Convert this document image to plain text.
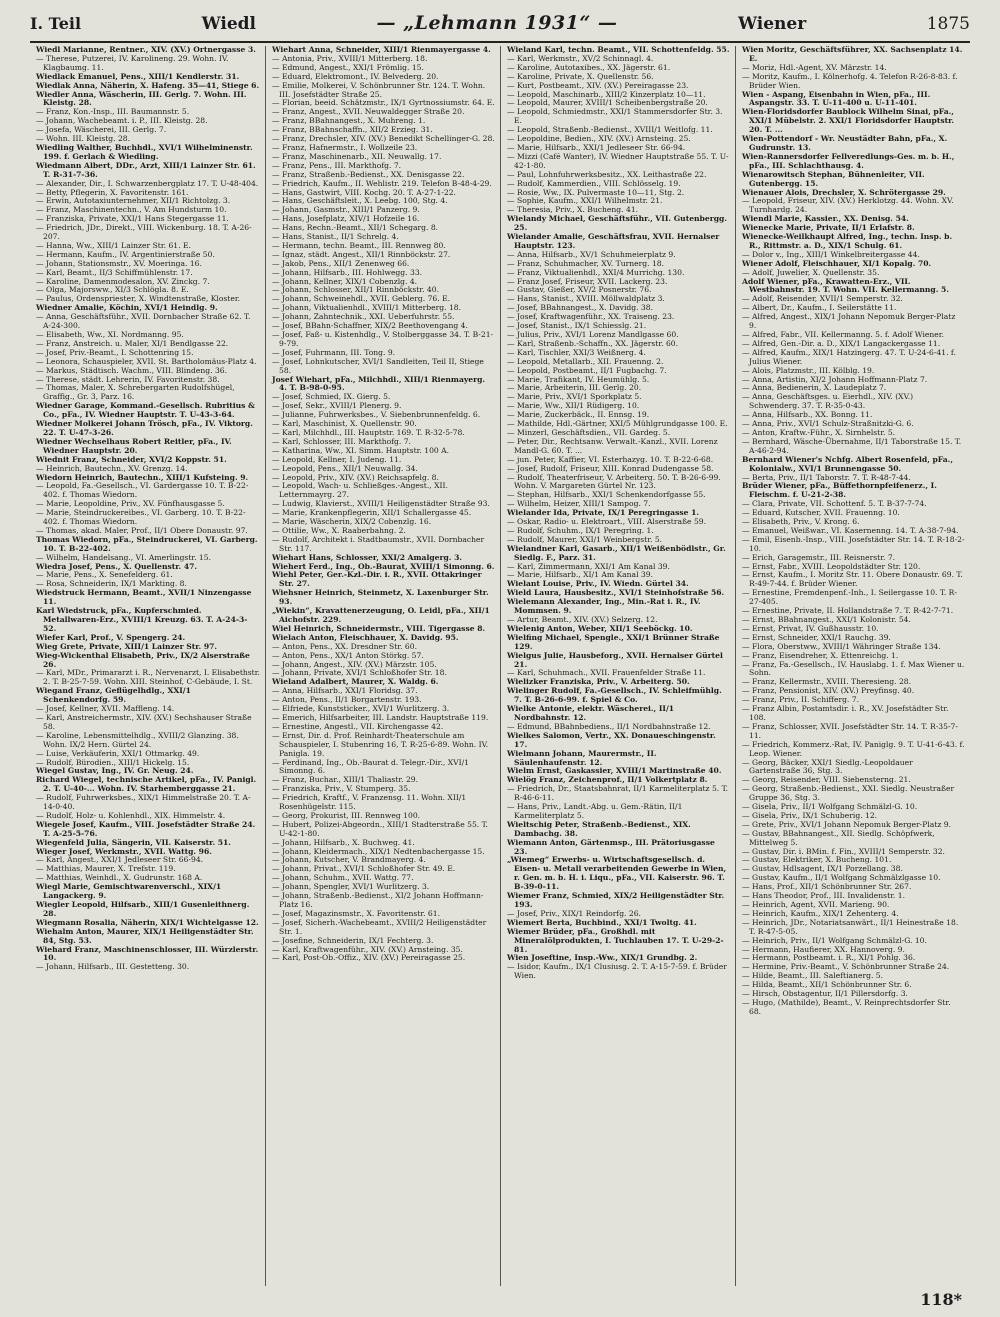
I. Teil	Wiedl	— „Lehmann 1931“ —	Wiener	1875
Wiedl Marianne, Rentner., XIV. (XV.) Ortnergasse 3.
— Therese, Putzerei, IV. Karolineng. 29. Wohn. IV. Klagbaumg. 11.
Wiedlack Emanuel, Pens., XIII/1 Kendlerstr. 31.
Wiedlak Anna, Näherin, X. Hafeng. 35—41, Stiege 6.
Wiedler Anna, Wäscherin, III. Gerlg. 7. Wohn. III. Kleistg. 28.
— Franz, Kon.-Insp., III. Baumannstr. 5.
— Johann, Wachebeamt. i. P., III. Kleistg. 28.
— Josefa, Wäscherei, III. Gerlg. 7.
— Wohn. III. Kleistg. 28.
Wiedling Walther, Buchhdl., XVI/1 Wilhelminenstr. 199. f. Gerlach & Wiedling.
Wiedmann Albert, DDr., Arzt, XIII/1 Lainzer Str. 61. T. R-31-7-36.
— Alexander, Dir., I. Schwarzenbergplatz 17. T. U-48-404.
— Betty, Pflegerin, X. Favoritenstr. 161.
— Erwin, Autotaxiunternehmer, XII/1 Richtolzg. 3.
— Franz, Maschinentechn., V. Am Hundsturm 10.
— Franziska, Private, XXI/1 Hans Stegergasse 11.
— Friedrich, JDr., Direkt., VIII. Wickenburg. 18. T. A-26-207.
— Hanna, Ww., XIII/1 Lainzer Str. 61. E.
— Hermann, Kaufm., IV. Argentinierstraße 50.
— Johann, Stationsmstr., XV. Moeringa. 16.
— Karl, Beamt., II/3 Schiffmühlenstr. 17.
— Karoline, Damenmodesalon, XV. Zinckg. 7.
— Olga, Majorsww., XI/3 Schlögla. 8. E.
— Paulus, Ordenspriester, X. Windtenstraße, Kloster.
Wiedner Amalie, Köchin, XVI/1 Heindlg. 9.
— Anna, Geschäftsführ., XVII. Dornbacher Straße 62. T. A-24-300.
— Elisabeth, Ww., XI. Nordmanng. 95.
— Franz, Anstreich. u. Maler, XI/1 Bendlgasse 22.
— Josef, Priv.-Beamt., I. Schottenring 15.
— Leonora, Schauspieler, XVII. St. Bartholomäus-Platz 4.
— Markus, Städtisch. Wachm., VIII. Blindeng. 36.
— Therese, städt. Lehrerin, IV. Favoritenstr. 38.
— Thomas, Maler, X. Schrebergarten Rudolfshügel, Graffig., Gr. 3, Parz. 16.
Wiedner Garage, Kommand.-Gesellsch. Rubritius & Co., pFa., IV. Wiedner Hauptstr. T. U-43-3-64.
Wiedner Molkerei Johann Trösch, pFa., IV. Viktorg. 22. T. U-47-3-26.
Wiedner Wechselhaus Robert Reitler, pFa., IV. Wiedner Hauptstr. 20.
Wiednit Franz, Schneider, XVI/2 Koppstr. 51.
— Heinrich, Bautechn., XV. Grenzg. 14.
Wiedorn Heinrich, Bautechn., XIII/1 Kufsteing. 9.
— Leopold, Fa.-Gesellsch., VI. Gardergasse 10. T. B-22-402. f. Thomas Wiedorn.
— Marie, Leopoldine, Priv., XV. Fünfhausgasse 5.
— Marie, Steindruckereibes., VI. Garberg. 10. T. B-22-402. f. Thomas Wiedorn.
— Thomas, akad. Maler, Prof., II/1 Obere Donaustr. 97.
Thomas Wiedorn, pFa., Steindruckerei, VI. Garberg. 10. T. B-22-402.
— Wilhelm, Handelsang., VI. Amerlingstr. 15.
Wiedra Josef, Pens., X. Quellenstr. 47.
— Marie, Pens., X. Senefelderg. 61.
— Rosa, Schneiderin, IX/1 Markting. 8.
Wiedstruck Hermann, Beamt., XVII/1 Ninzengasse 11.
Karl Wiedstruck, pFa., Kupferschmied. Metallwaren-Erz., XVIII/1 Kreuzg. 63. T. A-24-3-52.
Wiefer Karl, Prof., V. Spengerg. 24.
Wieg Grete, Private, XIII/1 Lainzer Str. 97.
Wieg-Wickenthal Elisabeth, Priv., IX/2 Alserstraße 26.
— Karl, MDr., Primararzt i. R., Nervenarzt, I. Elisabethstr. 2. T. B-25-7-59. Wohn. XIII. Steinhof, C-Gebäude, I. St.
Wiegand Franz, Geflügelhdlg., XXI/1 Schenkendorfg. 59.
— Josef, Kellner, XVII. Maffleng. 14.
— Karl, Anstreichermstr., XIV. (XV.) Sechshauser Straße 58.
— Karoline, Lebensmittelhdlg., XVIII/2 Glanzing. 38. Wohn. IX/2 Hern. Gürtel 24.
— Luise, Verkäuferin, XXI/1 Ottmarkg. 49.
— Rudolf, Bürodien., XIII/1 Hickelg. 15.
Wiegel Gustav, Ing., IV. Gr. Neug. 24.
Richard Wiegel, technische Artikel, pFa., IV. Panigl. 2. T. U-40-... Wohn. IV. Starhemberggasse 21.
— Rudolf, Fuhrwerksbes., XIX/1 Himmelstraße 20. T. A-14-0-40.
— Rudolf, Holz- u. Kohlenhdl., XIX. Himmelstr. 4.
Wiegele Josef, Kaufm., VIII. Josefstädter Straße 24. T. A-25-5-76.
Wiegenfeld Julia, Sängerin, VII. Kaiserstr. 51.
Wieger Josef, Werkmstr., XVII. Wattg. 96.
— Karl, Angest., XXI/1 Jedleseer Str. 66-94.
— Matthias, Maurer, X. Trefstr. 119.
— Matthias, Weinhdl., X. Gudrunstr. 168 A.
Wiegl Marie, Gemischtwarenverschl., XIX/1 Langackerg. 9.
Wiegler Leopold, Hilfsarb., XIII/1 Gusenleithnerg. 28.
Wiegmann Rosalia, Näherin, XIX/1 Wichtelgasse 12.
Wiehalm Anton, Maurer, XIX/1 Heiligenstädter Str. 84, Stg. 53.
Wiehard Franz, Maschinenschlosser, III. Würzlerstr. 10.
— Johann, Hilfsarb., III. Gestetteng. 30.
Wiehart Anna, Schneider, XIII/1 Rienmayergasse 4.
— Antonia, Priv., XVIII/1 Mitterberg. 18.
— Edmund, Angest., XXI/1 Frömlig. 15.
— Eduard, Elektromont., IV. Belvederg. 20.
— Emilie, Molkerei, V. Schönbrunner Str. 124. T. Wohn. III. Josefstädter Straße 25.
— Florian, beeid. Schätzmstr., IX/1 Gyrtnossiumstr. 64. E.
— Franz, Angest., XVII. Neuwaldegger Straße 20.
— Franz, BBahnangest., X. Muhreng. 1.
— Franz, BBahnschaffn., XII/2 Erzieg. 31.
— Franz, Drechsler, XIV. (XV.) Benedikt Schellinger-G. 28.
— Franz, Hafnermstr., I. Wollzeile 23.
— Franz, Maschinenarb., XII. Neuwallg. 17.
— Franz, Pens., III. Markthofg. 7.
— Franz, Straßenb.-Bedienst., XX. Denisgasse 22.
— Friedrich, Kaufm., II. Wehlistr. 219. Telefon B-48-4-29.
— Hans, Gastwirt, VIII. Kochg. 20. T. A-27-1-22.
— Hans, Geschäftsleit., X. Leebg. 100, Stg. 4.
— Johann, Gasmstr., XIII/1 Panzerg. 9.
— Hans, Josefplatz, XIV/1 Hofzeile 16.
— Hans, Rechn.-Beamt., XII/1 Schegarg. 8.
— Hans, Stanist., II/1 Schrelg. 4.
— Hermann, techn. Beamt., III. Rennweg 80.
— Ignaz, städt. Angest., XII/1 Rinnböckstr. 27.
— Jakob, Pens., XII/1 Zenenweg 66.
— Johann, Hilfsarb., III. Hohlwegg. 33.
— Johann, Kellner, XIX/1 Cobenzlg. 4.
— Johann, Schlosser, XII/1 Rinnböckstr. 40.
— Johann, Schweinehdl., XVII. Geblerg. 76. E.
— Johann, Viktualienhdl., XVIII/1 Mitterberg. 18.
— Johann, Zahntechnik., XXI. Ueberfuhrstr. 55.
— Josef, BBahn-Schaffner, XIX/2 Beethovengang 4.
— Josef, Faß- u. Kistenhdlg., V. Stolberggasse 34. T. B-21-9-79.
— Josef, Fuhrmann, III. Tong. 9.
— Josef, Lohnkutscher, XVI/1 Sandleiten, Teil II, Stiege 58.
Josef Wiehart, pFa., Milchhdl., XIII/1 Rienmayerg. 4. T. B-98-0-95.
— Josef, Schmied, IX. Gierg. 5.
— Josef, Sekr., XVIII/1 Plenerg. 9.
— Julianne, Fuhrwerksbes., V. Siebenbrunnenfeldg. 6.
— Karl, Maschinist, X. Quellenstr. 90.
— Karl, Milchhdl., III. Hauptstr. 169. T. R-32-5-78.
— Karl, Schlosser, III. Markthofg. 7.
— Katharina, Ww., XI. Simm. Hauptstr. 100 A.
— Leopold, Kellner, I. Judeng. 11.
— Leopold, Pens., XII/1 Neuwallg. 34.
— Leopold, Priv., XIV. (XV.) Reichsapfelg. 8.
— Leopold, Wach- u. Schließges.-Angest., XII. Letternmayrg. 27.
— Ludwig, Klavierst., XVIII/1 Heiligenstädter Straße 93.
— Marie, Krankenpflegerin, XII/1 Schallergasse 45.
— Marie, Wäscherin, XIX/2 Cobenzlg. 16.
— Ottilie, Ww., X. Raaberbahng. 2.
— Rudolf, Architekt i. Stadtbaumstr., XVII. Dornbacher Str. 117.
Wiehart Hans, Schlosser, XXI/2 Amalgerg. 3.
Wiehert Ferd., Ing., Ob.-Baurat, XVIII/1 Simonng. 6.
Wiehl Peter, Ger.-Kzl.-Dir. i. R., XVII. Ottakringer Str. 27.
Wiehsner Heinrich, Steinmetz, X. Laxenburger Str. 93.
„Wiekin“, Kravattenerzeugung, O. Leidl, pFa., XII/1 Aichofstr. 229.
Wiel Heinrich, Schneidermstr., VIII. Tigergasse 8.
Wielach Anton, Fleischhauer, X. Davidg. 95.
— Anton, Pens., XX. Dresdner Str. 60.
— Anton, Pens., XX/1 Anton Störkg. 57.
— Johann, Angest., XIV. (XV.) Märzstr. 105.
— Johann, Private, XVI/1 Schloßhofer Str. 18.
Wieland Adalbert, Maurer, X. Waldg. 6.
— Anna, Hilfsarb., XXI/1 Floridsg. 37.
— Anton, Pens., II/1 Borgartenstr. 193.
— Elfriede, Kunststicker., XVI/1 Wurlitzerg. 3.
— Emerich, Hilfsarbeiter, III. Landstr. Hauptstraße 119.
— Ernestine, Angestl., VII. Kirchengasse 42.
— Ernst, Dir. d. Prof. Reinhardt-Theaterschule am Schauspieler, I. Stubenring 16, T. R-25-6-89. Wohn. IV. Panigla. 19.
— Ferdinand, Ing., Ob.-Baurat d. Telegr.-Dir., XVI/1 Simonng. 6.
— Franz, Buchar., XIII/1 Thaliastr. 29.
— Franziska, Priv., V. Stumperg. 35.
— Friedrich, Kraftf., V. Franzensg. 11. Wohn. XII/1 Rosenhügelstr. 115.
— Georg, Prokurist, III. Rennweg 100.
— Hubert, Polizei-Abgeordn., XIII/1 Stadterstraße 55. T. U-42-1-80.
— Johann, Hilfsarb., X. Buchweg. 41.
— Johann, Kleidermach., XIX/1 Nedtenbachergasse 15.
— Johann, Kutscher, V. Brandmayerg. 4.
— Johann, Privat., XVI/1 Schloßhofer Str. 49. E.
— Johann, Schuhm., XVII. Wattg. 77.
— Johann, Spengler, XVI/1 Wurlitzerg. 3.
— Johann, Straßenb.-Bedienst., XI/2 Johann Hoffmann-Platz 16.
— Josef, Magazinsmstr., X. Favoritenstr. 61.
— Josef, Sicherh.-Wachebeamt., XVIII/2 Heiligenstädter Str. 1.
— Josefine, Schneiderin, IX/1 Fechterg. 3.
— Karl, Kraftwagenführ., XIV. (XV.) Arnsteing. 35.
— Karl, Post-Ob.-Offiz., XIV. (XV.) Pereiragasse 25.
Wieland Karl, techn. Beamt., VII. Schottenfeldg. 55.
— Karl, Werkmstr., XV/2 Schinnagl. 4.
— Karoline, Autotaxibes., XX. Jägerstr. 61.
— Karoline, Private, X. Quellenstr. 56.
— Kurt, Postbeamt., XIV. (XV.) Pereiragasse 23.
— Leopold, Maschinarb., XIII/2 Kinzerplatz 10—11.
— Leopold, Maurer, XVIII/1 Scheibenbergstraße 20.
— Leopold, Schmiedmstr., XXI/1 Stammersdorfer Str. 3. E.
— Leopold, Straßenb.-Bedienst., XVIII/1 Weitlofg. 11.
— Leopoldine, Bedien., XIV. (XV.) Arnsteing. 25.
— Marie, Hilfsarb., XXI/1 Jedleseer Str. 66-94.
— Mizzi (Café Wanter), IV. Wiedner Hauptstraße 55. T. U-42-1-80.
— Paul, Lohnfuhrwerksbesitz., XX. Leithastraße 22.
— Rudolf, Kammerdien., VIII. Schlösselg. 19.
— Rosie, Ww., IX. Pulvermaste 10—11, Stg. 2.
— Sophie, Kaufm., XXI/1 Wilhelmstr. 21.
— Theresia, Priv., X. Bucheng. 41.
Wielandy Michael, Geschäftsführ., VII. Gutenbergg. 25.
Wielander Amalie, Geschäftsfrau, XVII. Hernalser Hauptstr. 123.
— Anna, Hilfsarb., XV/1 Schuhmeierplatz 9.
— Franz, Schuhmacher, XV. Turnerg. 18.
— Franz, Viktualienhdl., XXI/4 Murrichg. 130.
— Franz Josef, Friseur, XVII. Lackerg. 23.
— Gustav, Gießer, XV/2 Posnerstr. 76.
— Hans, Stanist., XVIII. Möllwaldplatz 3.
— Josef, BBahnangest., X. Davidg. 38.
— Josef, Kraftwagenführ., XX. Traiseng. 23.
— Josef, Stanist., IX/1 Schiesslg. 21.
— Julius, Priv., XVI/1 Lorenz Mandlgasse 60.
— Karl, Straßenb.-Schaffn., XX. Jägerstr. 60.
— Karl, Tischler, XXI/3 Weißnerg. 4.
— Leopold, Metallarb., XII. Frauenng. 2.
— Leopold, Postbeamt., II/1 Fugbachg. 7.
— Marie, Trafikant, IV. Heumühlg. 5.
— Marie, Arbeiterin, III. Gerlg. 20.
— Marie, Priv., XVI/1 Sporkplatz 5.
— Marie, Ww., XII/1 Rüdigerg. 10.
— Marie, Zuckerbäck., II. Ennsg. 19.
— Mathilde, Hdl.-Gärtner, XXI/5 Mühlgrundgasse 100. E.
— Minzerl, Geschäftsdien., VII. Gardeg. 5.
— Peter, Dir., Rechtsanw. Verwalt.-Kanzl., XVII. Lorenz Mandl-G. 60. T. ...
— jun. Peter, Kaffier, VI. Esterhazyg. 10. T. B-22-6-68.
— Josef, Rudolf, Friseur, XIII. Konrad Dudengasse 58.
— Rudolf, Theaterfriseur, V. Arbeiterg. 50. T. B-26-6-99. Wohn. V. Margareten Gürtel Nr. 123.
— Stephan, Hilfsarb., XXI/1 Schenkendorfgasse 55.
— Wilhelm, Heizer, XIII/1 Sampog. 7.
Wielander Ida, Private, IX/1 Peregringasse 1.
— Oskar, Radio- u. Elektroart., VIII. Alserstraße 59.
— Rudolf, Schuhm., IX/1 Peregring. 1.
— Rudolf, Maurer, XXI/1 Weinbergstr. 5.
Wielandner Karl, Gasarb., XII/1 Weißenbödlstr., Gr. Siedlg. F., Parz. 31.
— Karl, Zimmermann, XXI/1 Am Kanal 39.
— Marie, Hilfsarb., XI/1 Am Kanal 39.
Wielant Louise, Priv., IV. Wiedn. Gürtel 34.
Wield Laura, Hausbesitz., XVI/1 Steinhofstraße 56.
Wielemann Alexander, Ing., Min.-Rat i. R., IV. Mommsen. 9.
— Artur, Beamt., XIV. (XV.) Selzerg. 12.
Wielenig Anton, Weber, XII/1 Seeböckg. 10.
Wielfing Michael, Spengle., XXI/1 Brünner Straße 129.
Wielgus Julie, Hausbeforg., XVII. Hernalser Gürtel 21.
— Karl, Schuhmach., XVII. Frauenfelder Straße 11.
Wielizker Franziska, Priv., V. Arbeiterg. 50.
Wielinger Rudolf, Fa.-Gesellsch., IV. Schleifmühlg. 7. T. B-26-6-99. f. Spiel & Co.
Wielke Antonie, elektr. Wäscherei., II/1 Nordbahnstr. 12.
— Edmund, BBahnbediens., II/1 Nordbahnstraße 12.
Wielkes Salomon, Vertr., XX. Donaueschingenstr. 17.
Wielmann Johann, Maurermstr., II. Säulenhaufenstr. 12.
Wielm Ernst, Gaskassier, XVIII/1 Martinstraße 40.
Wielög Franz, Zeichenprof., II/1 Volkertplatz 8.
— Friedrich, Dr., Staatsbahnrat, II/1 Karmeliterplatz 5. T. R-46-6-11.
— Hans, Priv., Landt.-Abg. u. Gem.-Rätin, II/1 Karmeliterplatz 5.
Wieltschig Peter, Straßenb.-Bedienst., XIX. Dambachg. 38.
Wiemann Anton, Gärtenmsp., III. Prätoriusgasse 23.
„Wiemeg“ Erwerbs- u. Wirtschaftsgesellsch. d. Eisen- u. Metall verarbeitenden Gewerbe in Wien, r. Gen. m. b. H. i. Liqu., pFa., VII. Kaiserstr. 96. T. B-39-0-11.
Wiemer Franz, Schmied, XIX/2 Heiligenstädter Str. 193.
— Josef, Priv., XIX/1 Reindorfg. 26.
Wiemert Berta, Buchbind., XXI/1 Twoltg. 41.
Wiemer Brüder, pFa., Großhdl. mit Mineralölprodukten, I. Tuchlauben 17. T. U-29-2-81.
Wien Joseftine, Insp.-Ww., XIX/1 Grundbg. 2.
— Isidor, Kaufm., IX/1 Clusiusg. 2. T. A-15-7-59. f. Brüder Wien.
Wien Moritz, Geschäftsführer, XX. Sachsenplatz 14. E.
— Moriz, Hdl.-Agent, XV. Märzstr. 14.
— Moritz, Kaufm., I. Kölnerhofg. 4. Telefon R-26-8-83. f. Brüder Wien.
Wien - Aspang, Eisenbahn in Wien, pFa., III. Aspangstr. 33. T. U-11-400 u. U-11-401.
Wien-Floridsdorfer Baublock Wilhelm Sinai, pFa., XXI/1 Mübelstr. 2. XXI/1 Floridsdorfer Hauptstr. 20. T. ...
Wien-Pottendorf - Wr. Neustädter Bahn, pFa., X. Gudrunstr. 13.
Wien-Rannersdorfer Fellveredlungs-Ges. m. b. H., pFa., III. Schlachthausg. 4.
Wienarowitsch Stephan, Bühnenleiter, VII. Gutenbergg. 15.
Wienauer Alois, Drechsler, X. Schrötergasse 29.
— Leopold, Friseur, XIV. (XV.) Herklotzg. 44. Wohn. XV. Turnhardg. 24.
Wiendl Marie, Kassier., XX. Denisg. 54.
Wienecke Marie, Private, II/1 Erlafstr. 8.
Wienecke-Weilkhaupt Alfred, Ing., techn. Insp. b. R., Rittmstr. a. D., XIX/1 Schulg. 61.
— Dolor v., Ing., XIII/1 Winkelbreitergasse 44.
Wiener Adolf, Fleischhauer, XI/1 Kopalg. 70.
— Adolf, Juwelier, X. Quellenstr. 35.
Adolf Wiener, pFa., Krawatten-Erz., VII. Westbahnstr. 19. T. Wohn. VII. Kellermanng. 5.
— Adolf, Reisender, XVII/1 Semperstr. 32.
— Albert, Dr., Kaufm., I. Seilerstätte 11.
— Alfred, Angest., XIX/1 Johann Nepomuk Berger-Platz 9.
— Alfred, Fabr., VII. Kellermanng. 5. f. Adolf Wiener.
— Alfred, Gen.-Dir. a. D., XIX/1 Langackergasse 11.
— Alfred, Kaufm., XIX/1 Hatzingerg. 47. T. U-24-6-41. f. Julius Wiener.
— Alois, Platzmstr., III. Kölblg. 19.
— Anna, Artistin, XI/2 Johann Hoffmann-Platz 7.
— Anna, Bedienerin, X. Laudeplatz 7.
— Anna, Geschäftsges. u. Eierhdl., XIV. (XV.) Schwenderg. 37. T. R-35-0-43.
— Anna, Hilfsarb., XX. Bonng. 11.
— Anna, Priv., XVI/1 Schulz-Straßnitzki-G. 6.
— Anton, Kraftw.-Führ., X. Sirnhelstr. 5.
— Bernhard, Wäsche-Übernahme, II/1 Taborstraße 15. T. A-46-2-94.
Bernhard Wiener's Nchfg. Albert Rosenfeld, pFa., Kolonialw., XVI/1 Brunnengasse 50.
— Berta, Priv., II/1 Taborstr. 7. T. R-48-7-44.
Brüder Wiener, pFa., Büffethornpfeifenerz., I. Fleischm. f. U-21-2-38.
— Clara, Private, VII. Schottenf. 5. T. B-37-7-74.
— Eduard, Kutscher, XVII. Frauenng. 10.
— Elisabeth, Priv., V. Krong. 6.
— Emanuel, Weißwar., VI. Kasernenng. 14. T. A-38-7-94.
— Emil, Eisenb.-Insp., VIII. Josefstädter Str. 14. T. R-18-2-10.
— Erich, Garagemstr., III. Reisnerstr. 7.
— Ernst, Fabr., XVIII. Leopoldstädter Str. 120.
— Ernst, Kaufm., I. Moritz Str. 11. Obere Donaustr. 69. T. R-49-7-44. f. Brüder Wiener.
— Ernestine, Fremdenpenf.-Inh., I. Seilergasse 10. T. R-27-405.
— Ernestine, Private, II. Hollandstraße 7. T. R-42-7-71.
— Ernst, BBahnangest., XXI/1 Kolonistr. 54.
— Ernst, Privat, IV. Gußhausstr. 10.
— Ernst, Schneider, XXI/1 Rauchg. 39.
— Flora, Oberstww., XVIII/1 Währinger Straße 134.
— Franz, Eisendreher, X. Ettenreichg. 1.
— Franz, Fa.-Gesellsch., IV. Hauslabg. 1. f. Max Wiener u. Sohn.
— Franz, Kellermstr., XVIII. Theresieng. 28.
— Franz, Pensionist, XIV. (XV.) Preyfinsg. 40.
— Franz, Priv., II. Schifferg. 7.
— Franz Albin, Postamtsdir. i. R., XV. Josefstädter Str. 108.
— Franz, Schlosser, XVII. Josefstädter Str. 14. T. R-35-7-11.
— Friedrich, Kommerz.-Rat, IV. Paniglg. 9. T. U-41-6-43. f. Leop. Wiener.
— Georg, Bäcker, XXI/1 Siedlg.-Leopoldauer Gartenstraße 36, Stg. 3.
— Georg, Reisender, VIII. Siebensterng. 21.
— Georg, Straßenb.-Bedienst., XXI. Siedlg. Neustraßer Gruppe 36, Stg. 3.
— Gisela, Priv., II/1 Wolfgang Schmälzl-G. 10.
— Gisela, Priv., IX/1 Schuberig. 12.
— Grete, Priv., XVI/1 Johann Nepomuk Berger-Platz 9.
— Gustav, BBahnangest., XII. Siedlg. Schöpfwerk, Mittelweg 5.
— Gustav, Dir. i. BMin. f. Fin., XVIII/1 Semperstr. 32.
— Gustav, Elektriker, X. Bucheng. 101.
— Gustav, Hdlsagent, IX/1 Porzellang. 38.
— Gustav, Kaufm., II/1 Wolfgang Schmälzlgasse 10.
— Hans, Prof., XII/1 Schönbrunner Str. 267.
— Hans Theodor, Prof., III. Invalidenstr. 1.
— Heinrich, Agent, XVII. Marieng. 90.
— Heinrich, Kaufm., XIX/1 Zehenterg. 4.
— Heinrich, JDr., Notariatsanwärt., II/1 Heinestraße 18. T. R-47-5-05.
— Heinrich, Priv., II/1 Wolfgang Schmälzl-G. 10.
— Hermann, Haufierer, XX. Hannoverg. 9.
— Hermann, Postbeamt. i. R., XI/1 Pohlg. 36.
— Hermine, Priv.-Beamt., V. Schönbrunner Straße 24.
— Hilde, Beamt., III. Saleftianerg. 5.
— Hilda, Beamt., XII/1 Schönbrunner Str. 6.
— Hirsch, Obstagentur, II/1 Pillersdorfg. 3.
— Hugo, (Mathilde), Beamt., V. Reinprechtsdorfer Str. 68.
118*
